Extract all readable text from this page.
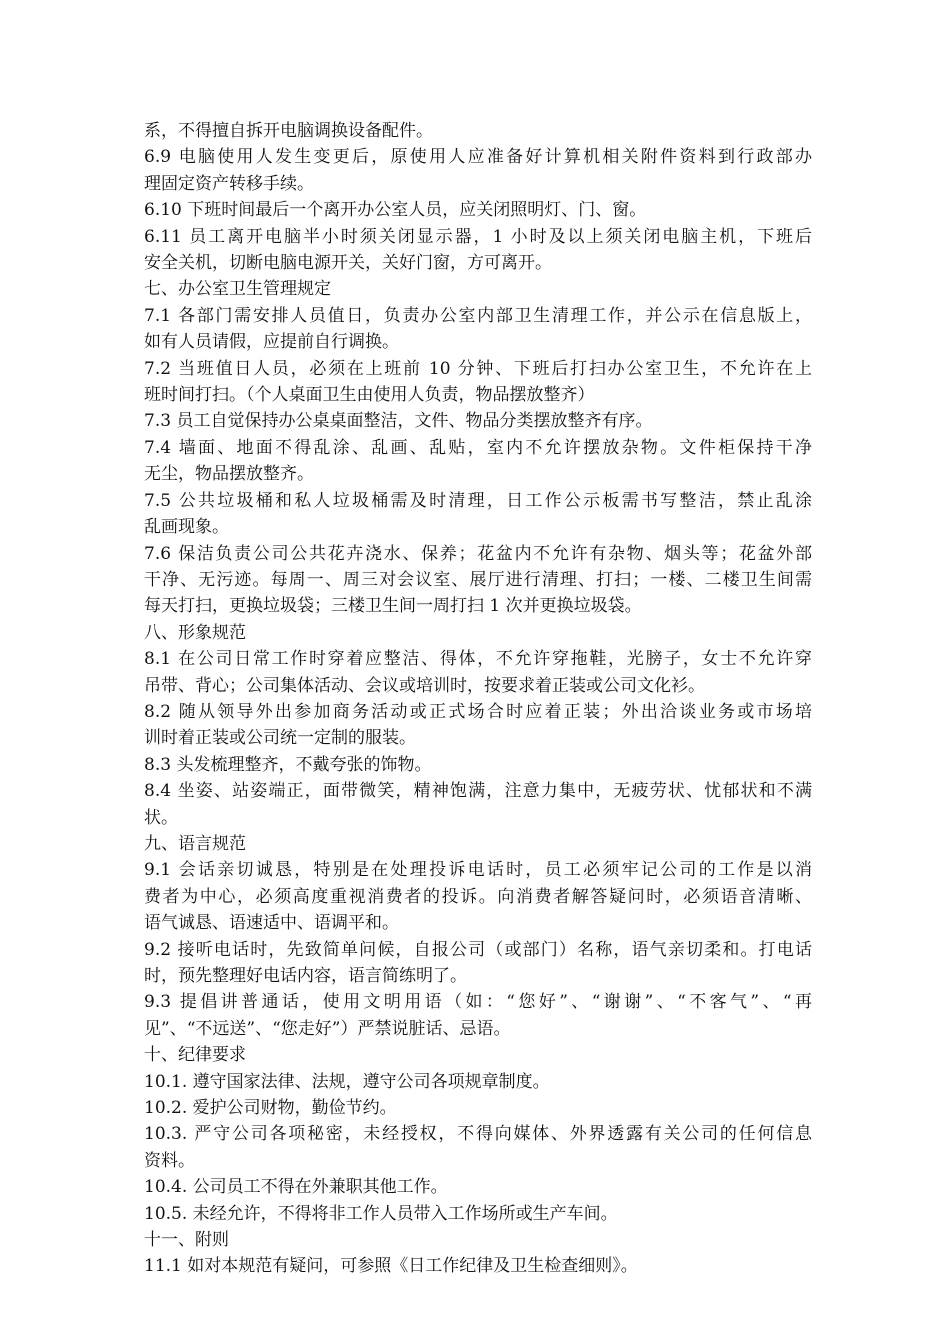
系，不得擅自拆开电脑调换设备配件。
6.9 电脑使用人发生变更后，原使用人应准备好计算机相关附件资料到行政部办
理固定资产转移手续。
6.10 下班时间最后一个离开办公室人员，应关闭照明灯、门、窗。
6.11 员工离开电脑半小时须关闭显示器，1 小时及以上须关闭电脑主机，下班后
安全关机，切断电脑电源开关，关好门窗，方可离开。
七、办公室卫生管理规定
7.1 各部门需安排人员值日，负责办公室内部卫生清理工作，并公示在信息版上，
如有人员请假，应提前自行调换。
7.2 当班值日人员，必须在上班前 10 分钟、下班后打扫办公室卫生，不允许在上
班时间打扫。（个人桌面卫生由使用人负责，物品摆放整齐）
7.3 员工自觉保持办公桌桌面整洁，文件、物品分类摆放整齐有序。
7.4 墙面、地面不得乱涂、乱画、乱贴，室内不允许摆放杂物。文件柜保持干净
无尘，物品摆放整齐。
7.5 公共垃圾桶和私人垃圾桶需及时清理，日工作公示板需书写整洁，禁止乱涂
乱画现象。
7.6 保洁负责公司公共花卉浇水、保养；花盆内不允许有杂物、烟头等；花盆外部
干净、无污迹。每周一、周三对会议室、展厅进行清理、打扫；一楼、二楼卫生间需
每天打扫，更换垃圾袋；三楼卫生间一周打扫 1 次并更换垃圾袋。
八、形象规范
8.1 在公司日常工作时穿着应整洁、得体，不允许穿拖鞋，光膀子，女士不允许穿
吊带、背心；公司集体活动、会议或培训时，按要求着正装或公司文化衫。
8.2 随从领导外出参加商务活动或正式场合时应着正装；外出洽谈业务或市场培
训时着正装或公司统一定制的服装。
8.3 头发梳理整齐，不戴夸张的饰物。
8.4 坐姿、站姿端正，面带微笑，精神饱满，注意力集中，无疲劳状、忧郁状和不满
状。
九、语言规范
9.1 会话亲切诚恳，特别是在处理投诉电话时，员工必须牢记公司的工作是以消
费者为中心，必须高度重视消费者的投诉。向消费者解答疑问时，必须语音清晰、
语气诚恳、语速适中、语调平和。
9.2 接听电话时，先致简单问候，自报公司（或部门）名称，语气亲切柔和。打电话
时，预先整理好电话内容，语言简练明了。
9.3 提倡讲普通话，使用文明用语（如：“您好”、“谢谢”、“不客气”、“再
见”、“不远送”、“您走好”）严禁说脏话、忌语。
十、纪律要求
10.1. 遵守国家法律、法规，遵守公司各项规章制度。
10.2. 爱护公司财物，勤俭节约。
10.3. 严守公司各项秘密，未经授权，不得向媒体、外界透露有关公司的任何信息
资料。
10.4. 公司员工不得在外兼职其他工作。
10.5. 未经允许，不得将非工作人员带入工作场所或生产车间。
十一、附则
11.1 如对本规范有疑问，可参照《日工作纪律及卫生检查细则》。
